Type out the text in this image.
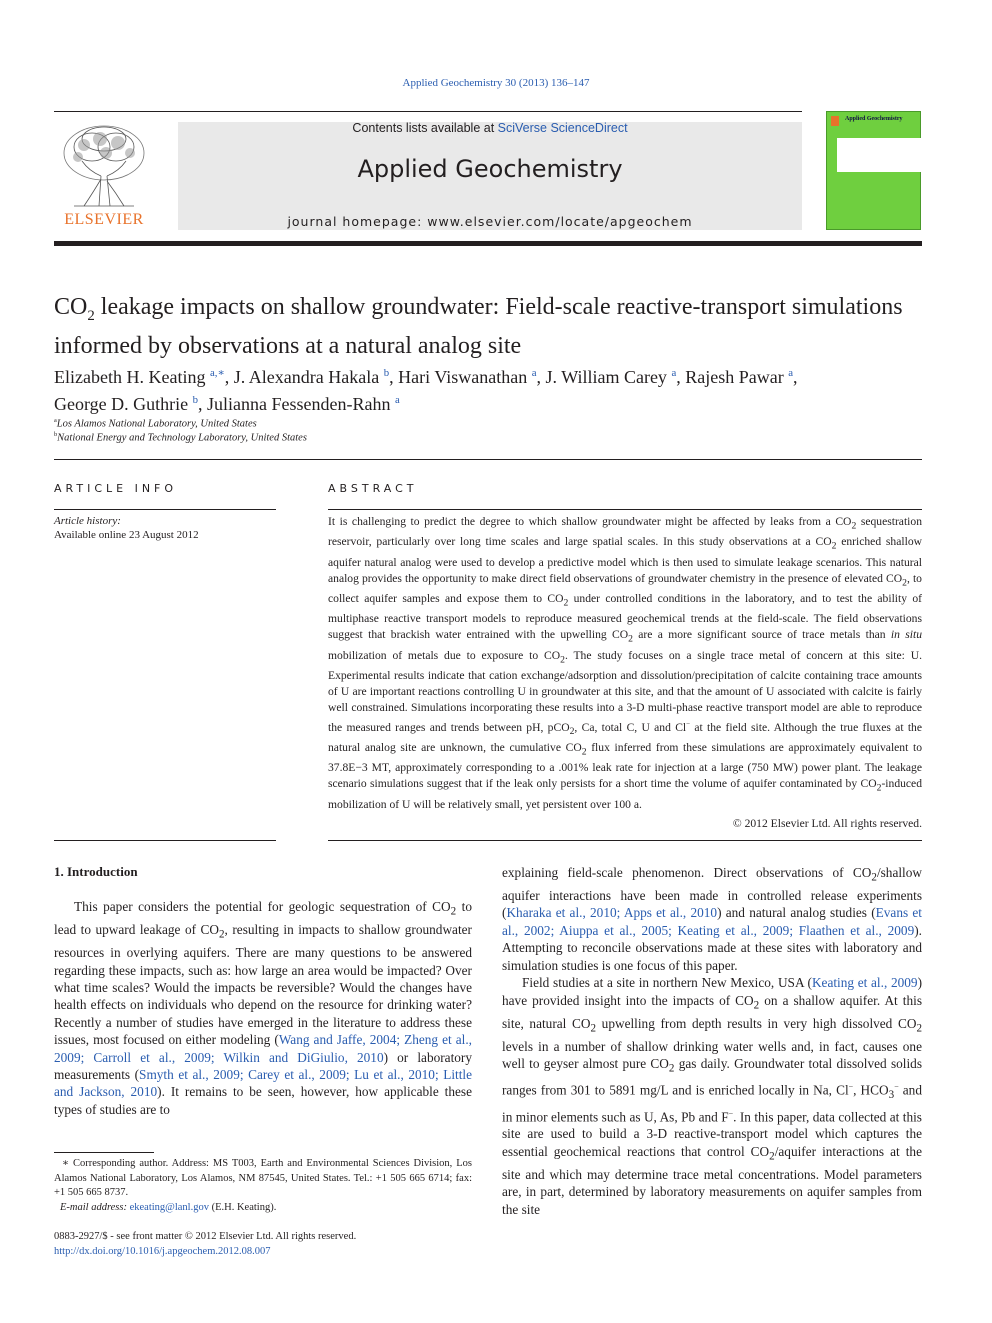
Applied Geochemistry 30 (2013) 136–147
ELSEVIER
Contents lists available at SciVerse ScienceDirect
Applied Geochemistry
journal homepage: www.elsevier.com/locate/apgeochem
Applied Geochemistry
$CO_2$ leakage impacts on shallow groundwater: Field-scale reactive-transport simulations informed by observations at a natural analog site
Elizabeth H. Keating $^{a,∗}$, J. Alexandra Hakala $^b$, Hari Viswanathan $^a$, J. William Carey $^a$, Rajesh Pawar $^a$,
George D. Guthrie $^b$, Julianna Fessenden-Rahn $^a$
$^a$Los Alamos National Laboratory, United States
$^b$National Energy and Technology Laboratory, United States
ARTICLE INFO
Article history:
Available online 23 August 2012
ABSTRACT
It is challenging to predict the degree to which shallow groundwater might be affected by leaks from a $CO_2$ sequestration reservoir, particularly over long time scales and large spatial scales. In this study observations at a $CO_2$ enriched shallow aquifer natural analog were used to develop a predictive model which is then used to simulate leakage scenarios. This natural analog provides the opportunity to make direct field observations of groundwater chemistry in the presence of elevated $CO_2$, to collect aquifer samples and expose them to $CO_2$ under controlled conditions in the laboratory, and to test the ability of multiphase reactive transport models to reproduce measured geochemical trends at the field-scale. The field observations suggest that brackish water entrained with the upwelling $CO_2$ are a more significant source of trace metals than in situ mobilization of metals due to exposure to $CO_2$. The study focuses on a single trace metal of concern at this site: U. Experimental results indicate that cation exchange/adsorption and dissolution/precipitation of calcite containing trace amounts of U are important reactions controlling U in groundwater at this site, and that the amount of U associated with calcite is fairly well constrained. Simulations incorporating these results into a 3-D multi-phase reactive transport model are able to reproduce the measured ranges and trends between pH, pCO$_2$, Ca, total C, U and Cl− at the field site. Although the true fluxes at the natural analog site are unknown, the cumulative $CO_2$ flux inferred from these simulations are approximately equivalent to 37.8E−3 MT, approximately corresponding to a .001% leak rate for injection at a large (750 MW) power plant. The leakage scenario simulations suggest that if the leak only persists for a short time the volume of aquifer contaminated by $CO_2$-induced mobilization of U will be relatively small, yet persistent over 100 a.
© 2012 Elsevier Ltd. All rights reserved.
1. Introduction

This paper considers the potential for geologic sequestration of $CO_2$ to lead to upward leakage of $CO_2$, resulting in impacts to shallow groundwater resources in overlying aquifers. There are many questions to be answered regarding these impacts, such as: how large an area would be impacted? Over what time scales? Would the impacts be reversible? Would the changes have health effects on individuals who depend on the resource for drinking water? Recently a number of studies have emerged in the literature to address these issues, most focused on either modeling (Wang and Jaffe, 2004; Zheng et al., 2009; Carroll et al., 2009; Wilkin and DiGiulio, 2010) or laboratory measurements (Smyth et al., 2009; Carey et al., 2009; Lu et al., 2010; Little and Jackson, 2010). It remains to be seen, however, how applicable these types of studies are to

explaining field-scale phenomenon. Direct observations of $CO_2$/shallow aquifer interactions have been made in controlled release experiments (Kharaka et al., 2010; Apps et al., 2010) and natural analog studies (Evans et al., 2002; Aiuppa et al., 2005; Keating et al., 2009; Flaathen et al., 2009). Attempting to reconcile observations made at these sites with laboratory and simulation studies is one focus of this paper.

Field studies at a site in northern New Mexico, USA (Keating et al., 2009) have provided insight into the impacts of $CO_2$ on a shallow aquifer. At this site, natural $CO_2$ upwelling from depth results in very high dissolved $CO_2$ levels in a number of shallow drinking water wells and, in fact, causes one well to geyser almost pure $CO_2$ gas daily. Groundwater total dissolved solids ranges from 301 to 5891 mg/L and is enriched locally in Na, Cl−, $HCO_3^-$ and in minor elements such as U, As, Pb and F−. In this paper, data collected at this site are used to build a 3-D reactive-transport model which captures the essential geochemical reactions that control $CO_2$/aquifer interactions at the site and which may determine trace metal concentrations. Model parameters are, in part, determined by laboratory measurements on aquifer samples from the site

∗ Corresponding author. Address: MS T003, Earth and Environmental Sciences Division, Los Alamos National Laboratory, Los Alamos, NM 87545, United States. Tel.: +1 505 665 6714; fax: +1 505 665 8737.

E-mail address: ekeating@lanl.gov (E.H. Keating).

0883-2927/$ - see front matter © 2012 Elsevier Ltd. All rights reserved.
http://dx.doi.org/10.1016/j.apgeochem.2012.08.007
